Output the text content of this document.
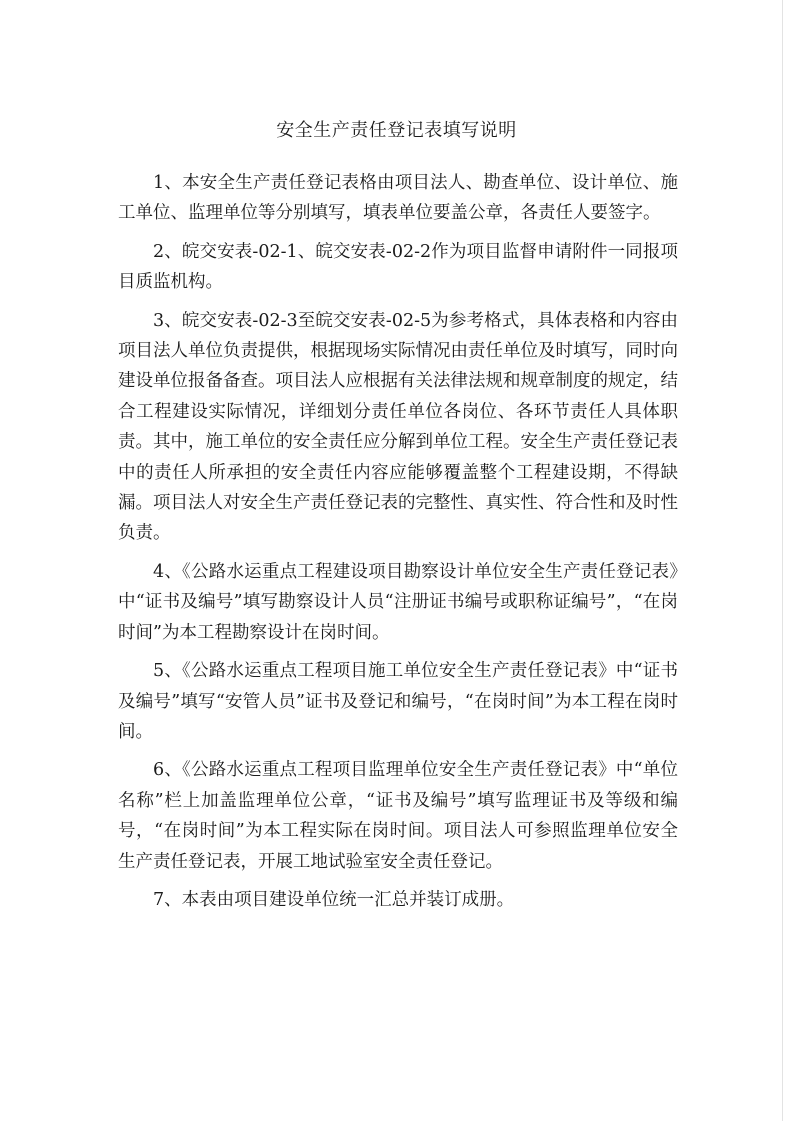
安全生产责任登记表填写说明

1、本安全生产责任登记表格由项目法人、勘查单位、设计单位、施工单位、监理单位等分别填写，填表单位要盖公章，各责任人要签字。

2、皖交安表-02-1、皖交安表-02-2作为项目监督申请附件一同报项目质监机构。

3、皖交安表-02-3至皖交安表-02-5为参考格式，具体表格和内容由项目法人单位负责提供，根据现场实际情况由责任单位及时填写，同时向建设单位报备备查。项目法人应根据有关法律法规和规章制度的规定，结合工程建设实际情况，详细划分责任单位各岗位、各环节责任人具体职责。其中，施工单位的安全责任应分解到单位工程。安全生产责任登记表中的责任人所承担的安全责任内容应能够覆盖整个工程建设期，不得缺漏。项目法人对安全生产责任登记表的完整性、真实性、符合性和及时性负责。

4、《公路水运重点工程建设项目勘察设计单位安全生产责任登记表》中“证书及编号”填写勘察设计人员“注册证书编号或职称证编号”，“在岗时间”为本工程勘察设计在岗时间。

5、《公路水运重点工程项目施工单位安全生产责任登记表》中“证书及编号”填写“安管人员”证书及登记和编号，“在岗时间”为本工程在岗时间。

6、《公路水运重点工程项目监理单位安全生产责任登记表》中“单位名称”栏上加盖监理单位公章，“证书及编号”填写监理证书及等级和编号，“在岗时间”为本工程实际在岗时间。项目法人可参照监理单位安全生产责任登记表，开展工地试验室安全责任登记。

7、本表由项目建设单位统一汇总并装订成册。
